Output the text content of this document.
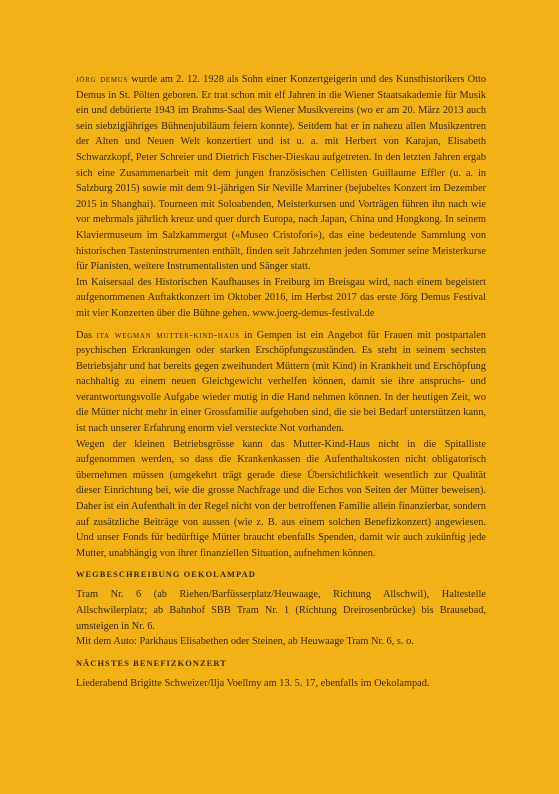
jörg demus wurde am 2. 12. 1928 als Sohn einer Konzertgeigerin und des Kunsthistorikers Otto Demus in St. Pölten geboren. Er trat schon mit elf Jahren in die Wiener Staatsakademie für Musik ein und debütierte 1943 im Brahms-Saal des Wiener Musikvereins (wo er am 20. März 2013 auch sein siebzigjähriges Bühnenjubiläum feiern konnte). Seitdem hat er in nahezu allen Musikzentren der Alten und Neuen Welt konzertiert und ist u. a. mit Herbert von Karajan, Elisabeth Schwarzkopf, Peter Schreier und Dietrich Fischer-Dieskau aufgetreten. In den letzten Jahren ergab sich eine Zusammenarbeit mit dem jungen französischen Cellisten Guillaume Effler (u. a. in Salzburg 2015) sowie mit dem 91-jährigen Sir Neville Marriner (bejubeltes Konzert im Dezember 2015 in Shanghai). Tourneen mit Soloabenden, Meisterkursen und Vorträgen führen ihn nach wie vor mehrmals jährlich kreuz und quer durch Europa, nach Japan, China und Hongkong. In seinem Klaviermuseum im Salzkammergut («Museo Cristofori»), das eine bedeutende Sammlung von historischen Tasteninstrumenten enthält, finden seit Jahrzehnten jeden Sommer seine Meisterkurse für Pianisten, weitere Instrumentalisten und Sänger statt.

Im Kaisersaal des Historischen Kaufhauses in Freiburg im Breisgau wird, nach einem begeistert aufgenommenen Auftaktkonzert im Oktober 2016, im Herbst 2017 das erste Jörg Demus Festival mit vier Konzerten über die Bühne gehen. www.joerg-demus-festival.de

Das ita wegman mutter-kind-haus in Gempen ist ein Angebot für Frauen mit postpartalen psychischen Erkrankungen oder starken Erschöpfungszuständen. Es steht in seinem sechsten Betriebsjahr und hat bereits gegen zweihundert Müttern (mit Kind) in Krankheit und Erschöpfung nachhaltig zu einem neuen Gleichgewicht verhelfen können, damit sie ihre anspruchs- und verantwortungsvolle Aufgabe wieder mutig in die Hand nehmen können. In der heutigen Zeit, wo die Mütter nicht mehr in einer Grossfamilie aufgehoben sind, die sie bei Bedarf unterstützen kann, ist nach unserer Erfahrung enorm viel versteckte Not vorhanden.

Wegen der kleinen Betriebsgrösse kann das Mutter-Kind-Haus nicht in die Spitalliste aufgenommen werden, so dass die Krankenkassen die Aufenthaltskosten nicht obligatorisch übernehmen müssen (umgekehrt trägt gerade diese Übersichtlichkeit wesentlich zur Qualität dieser Einrichtung bei, wie die grosse Nachfrage und die Echos von Seiten der Mütter beweisen). Daher ist ein Aufenthalt in der Regel nicht von der betroffenen Familie allein finanzierbar, sondern auf zusätzliche Beiträge von aussen (wie z. B. aus einem solchen Benefizkonzert) angewiesen. Und unser Fonds für bedürftige Mütter braucht ebenfalls Spenden, damit wir auch zukünftig jede Mutter, unabhängig von ihrer finanziellen Situation, aufnehmen können.

WEGBESCHREIBUNG OEKOLAMPAD

Tram Nr. 6 (ab Riehen/Barfüsserplatz/Heuwaage, Richtung Allschwil), Haltestelle Allschwilerplatz; ab Bahnhof SBB Tram Nr. 1 (Richtung Dreirosenbrücke) bis Brausebad, umsteigen in Nr. 6.

Mit dem Auto: Parkhaus Elisabethen oder Steinen, ab Heuwaage Tram Nr. 6, s. o.

NÄCHSTES BENEFIZKONZERT

Liederabend Brigitte Schweizer/Ilja Voellmy am 13. 5. 17, ebenfalls im Oekolampad.
